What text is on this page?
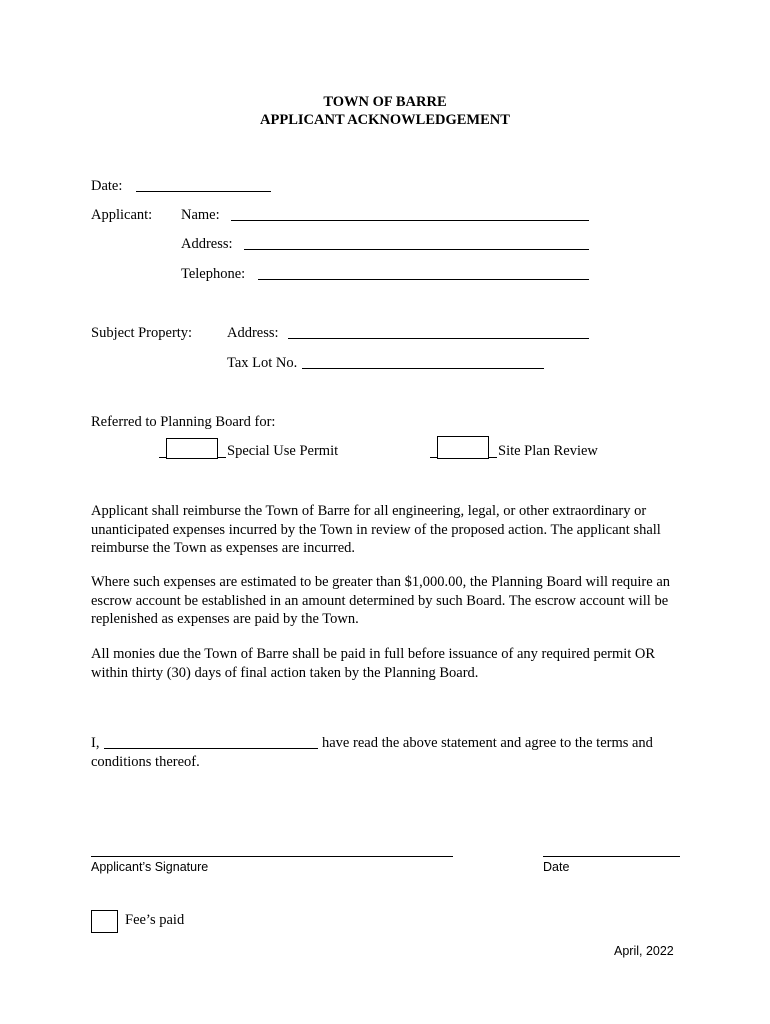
TOWN OF BARRE
APPLICANT ACKNOWLEDGEMENT
Date:
Applicant: Name:
Address:
Telephone:
Subject Property: Address:
Tax Lot No.
Referred to Planning Board for:
Special Use Permit	Site Plan Review
Applicant shall reimburse the Town of Barre for all engineering, legal, or other extraordinary or unanticipated expenses incurred by the Town in review of the proposed action. The applicant shall reimburse the Town as expenses are incurred.
Where such expenses are estimated to be greater than $1,000.00, the Planning Board will require an escrow account be established in an amount determined by such Board. The escrow account will be replenished as expenses are paid by the Town.
All monies due the Town of Barre shall be paid in full before issuance of any required permit OR within thirty (30) days of final action taken by the Planning Board.
I,	have read the above statement and agree to the terms and
conditions thereof.
Applicant’s Signature	Date
Fee’s paid
April, 2022
